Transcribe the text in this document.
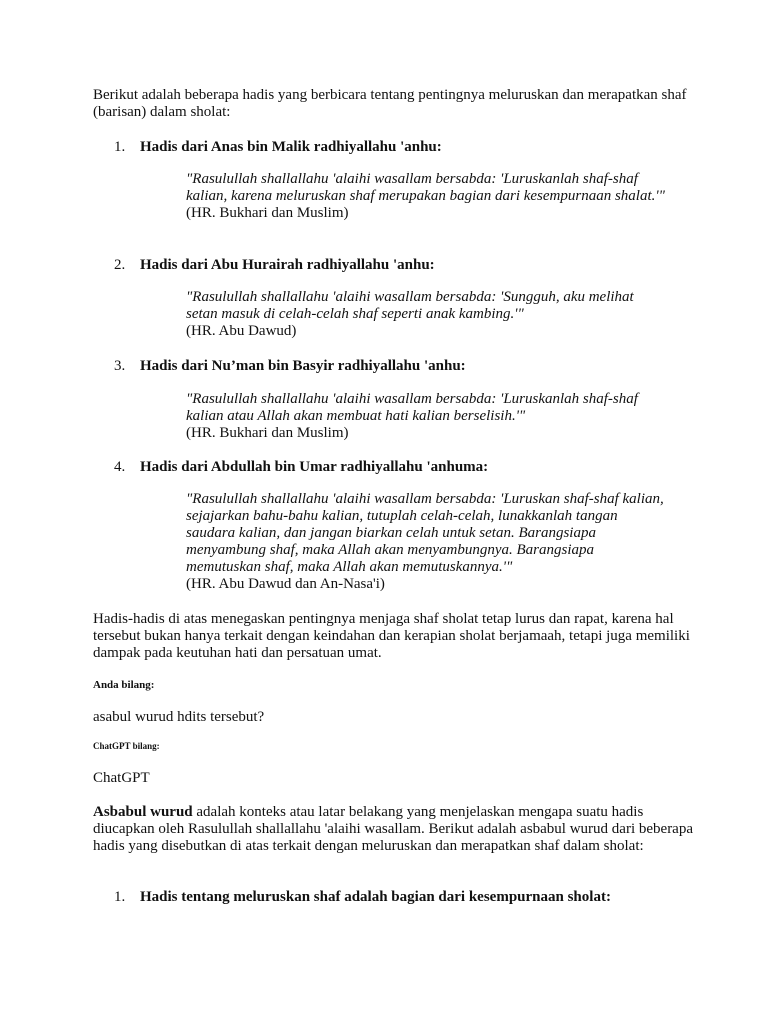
Berikut adalah beberapa hadis yang berbicara tentang pentingnya meluruskan dan merapatkan shaf (barisan) dalam sholat:

1. Hadis dari Anas bin Malik radhiyallahu 'anhu:
"Rasulullah shallallahu 'alaihi wasallam bersabda: 'Luruskanlah shaf-shaf kalian, karena meluruskan shaf merupakan bagian dari kesempurnaan shalat.'"
(HR. Bukhari dan Muslim)
2. Hadis dari Abu Hurairah radhiyallahu 'anhu:
"Rasulullah shallallahu 'alaihi wasallam bersabda: 'Sungguh, aku melihat setan masuk di celah-celah shaf seperti anak kambing.'"
(HR. Abu Dawud)
3. Hadis dari Nu’man bin Basyir radhiyallahu 'anhu:
"Rasulullah shallallahu 'alaihi wasallam bersabda: 'Luruskanlah shaf-shaf kalian atau Allah akan membuat hati kalian berselisih.'"
(HR. Bukhari dan Muslim)
4. Hadis dari Abdullah bin Umar radhiyallahu 'anhuma:
"Rasulullah shallallahu 'alaihi wasallam bersabda: 'Luruskan shaf-shaf kalian, sejajarkan bahu-bahu kalian, tutuplah celah-celah, lunakkanlah tangan saudara kalian, dan jangan biarkan celah untuk setan. Barangsiapa menyambung shaf, maka Allah akan menyambungnya. Barangsiapa memutuskan shaf, maka Allah akan memutuskannya.'"
(HR. Abu Dawud dan An-Nasa'i)

Hadis-hadis di atas menegaskan pentingnya menjaga shaf sholat tetap lurus dan rapat, karena hal tersebut bukan hanya terkait dengan keindahan dan kerapian sholat berjamaah, tetapi juga memiliki dampak pada keutuhan hati dan persatuan umat.

Anda bilang:

asabul wurud hdits tersebut?

ChatGPT bilang:

ChatGPT

Asbabul wurud adalah konteks atau latar belakang yang menjelaskan mengapa suatu hadis diucapkan oleh Rasulullah shallallahu 'alaihi wasallam. Berikut adalah asbabul wurud dari beberapa hadis yang disebutkan di atas terkait dengan meluruskan dan merapatkan shaf dalam sholat:

1. Hadis tentang meluruskan shaf adalah bagian dari kesempurnaan sholat:
